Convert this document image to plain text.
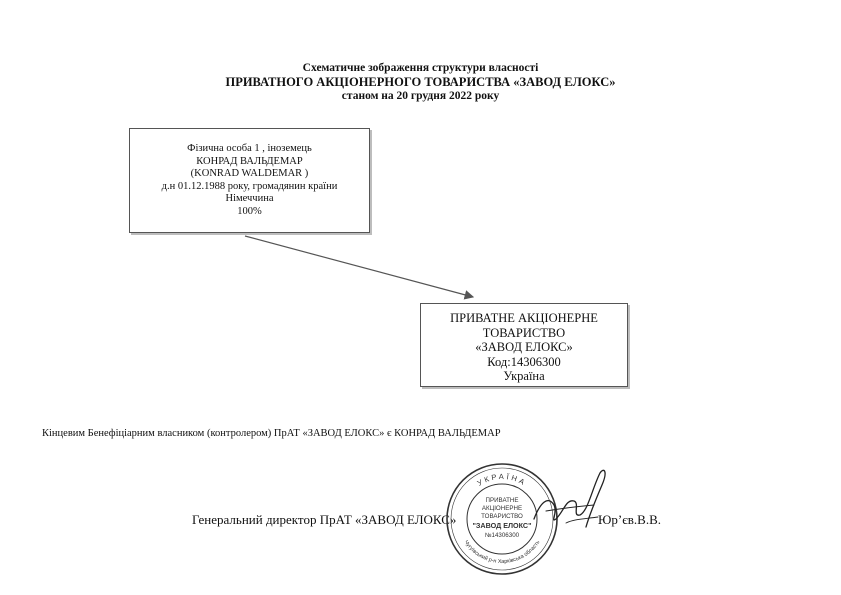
Схематичне зображення структури власності
ПРИВАТНОГО АКЦІОНЕРНОГО ТОВАРИСТВА «ЗАВОД ЕЛОКС»
станом на 20 грудня 2022 року
Фізична особа 1 , іноземець
КОНРАД ВАЛЬДЕМАР
(KONRAD WALDEMAR )
д.н 01.12.1988 року, громадянин країни
Німеччина
100%
ПРИВАТНЕ АКЦІОНЕРНЕ
ТОВАРИСТВО
«ЗАВОД ЕЛОКС»
Код:14306300
Україна
Кінцевим Бенефіціарним власником (контролером) ПрАТ «ЗАВОД ЕЛОКС» є КОНРАД ВАЛЬДЕМАР
Генеральний директор ПрАТ «ЗАВОД ЕЛОКС»	Юр’єв.В.В.
УКРАЇНА
Чугуївський р-н Харківська область
ПРИВАТНЕ
АКЦІОНЕРНЕ
ТОВАРИСТВО
"ЗАВОД ЕЛОКС"
№14306300
